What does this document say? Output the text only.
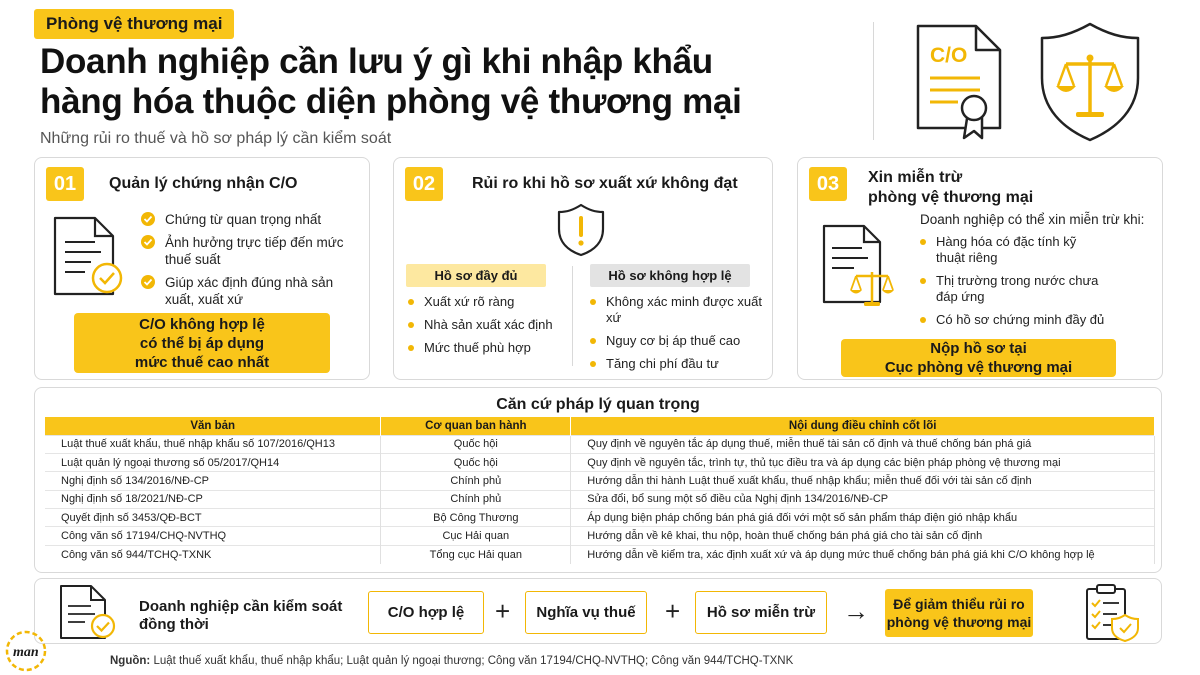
Phòng vệ thương mại
Doanh nghiệp cần lưu ý gì khi nhập khẩu
hàng hóa thuộc diện phòng vệ thương mại
Những rủi ro thuế và hồ sơ pháp lý cần kiểm soát
C/O
01	Quản lý chứng nhận C/O
Chứng từ quan trọng nhất
Ảnh hưởng trực tiếp đến mức thuế suất
Giúp xác định đúng nhà sản xuất, xuất xứ
C/O không hợp lệ
có thể bị áp dụng
mức thuế cao nhất
02	Rủi ro khi hồ sơ xuất xứ không đạt
Hồ sơ đầy đủ	Hồ sơ không hợp lệ
Xuất xứ rõ ràng
Nhà sản xuất xác định
Mức thuế phù hợp
Không xác minh được xuất xứ
Nguy cơ bị áp thuế cao
Tăng chi phí đầu tư
03	Xin miễn trừ
phòng vệ thương mại
Doanh nghiệp có thể xin miễn trừ khi:
Hàng hóa có đặc tính kỹ thuật riêng
Thị trường trong nước chưa đáp ứng
Có hồ sơ chứng minh đầy đủ
Nộp hồ sơ tại
Cục phòng vệ thương mại
Căn cứ pháp lý quan trọng
Văn bản	Cơ quan ban hành	Nội dung điều chỉnh cốt lõi
Luật thuế xuất khẩu, thuế nhập khẩu số 107/2016/QH13	Quốc hội	Quy định về nguyên tắc áp dụng thuế, miễn thuế tài sản cố định và thuế chống bán phá giá
Luật quản lý ngoại thương số 05/2017/QH14	Quốc hội	Quy định về nguyên tắc, trình tự, thủ tục điều tra và áp dụng các biện pháp phòng vệ thương mại
Nghị định số 134/2016/NĐ-CP	Chính phủ	Hướng dẫn thi hành Luật thuế xuất khẩu, thuế nhập khẩu; miễn thuế đối với tài sản cố định
Nghị định số 18/2021/NĐ-CP	Chính phủ	Sửa đổi, bổ sung một số điều của Nghị định 134/2016/NĐ-CP
Quyết định số 3453/QĐ-BCT	Bộ Công Thương	Áp dụng biện pháp chống bán phá giá đối với một số sản phẩm tháp điện gió nhập khẩu
Công văn số 17194/CHQ-NVTHQ	Cục Hải quan	Hướng dẫn về kê khai, thu nộp, hoàn thuế chống bán phá giá cho tài sản cố định
Công văn số 944/TCHQ-TXNK	Tổng cục Hải quan	Hướng dẫn về kiểm tra, xác định xuất xứ và áp dụng mức thuế chống bán phá giá khi C/O không hợp lệ
Doanh nghiệp cần kiểm soát
đồng thời
C/O hợp lệ	+	Nghĩa vụ thuế	+	Hồ sơ miễn trừ	→	Để giảm thiểu rủi ro
phòng vệ thương mại
Nguồn: Luật thuế xuất khẩu, thuế nhập khẩu; Luật quản lý ngoại thương; Công văn 17194/CHQ-NVTHQ; Công văn 944/TCHQ-TXNK
man
